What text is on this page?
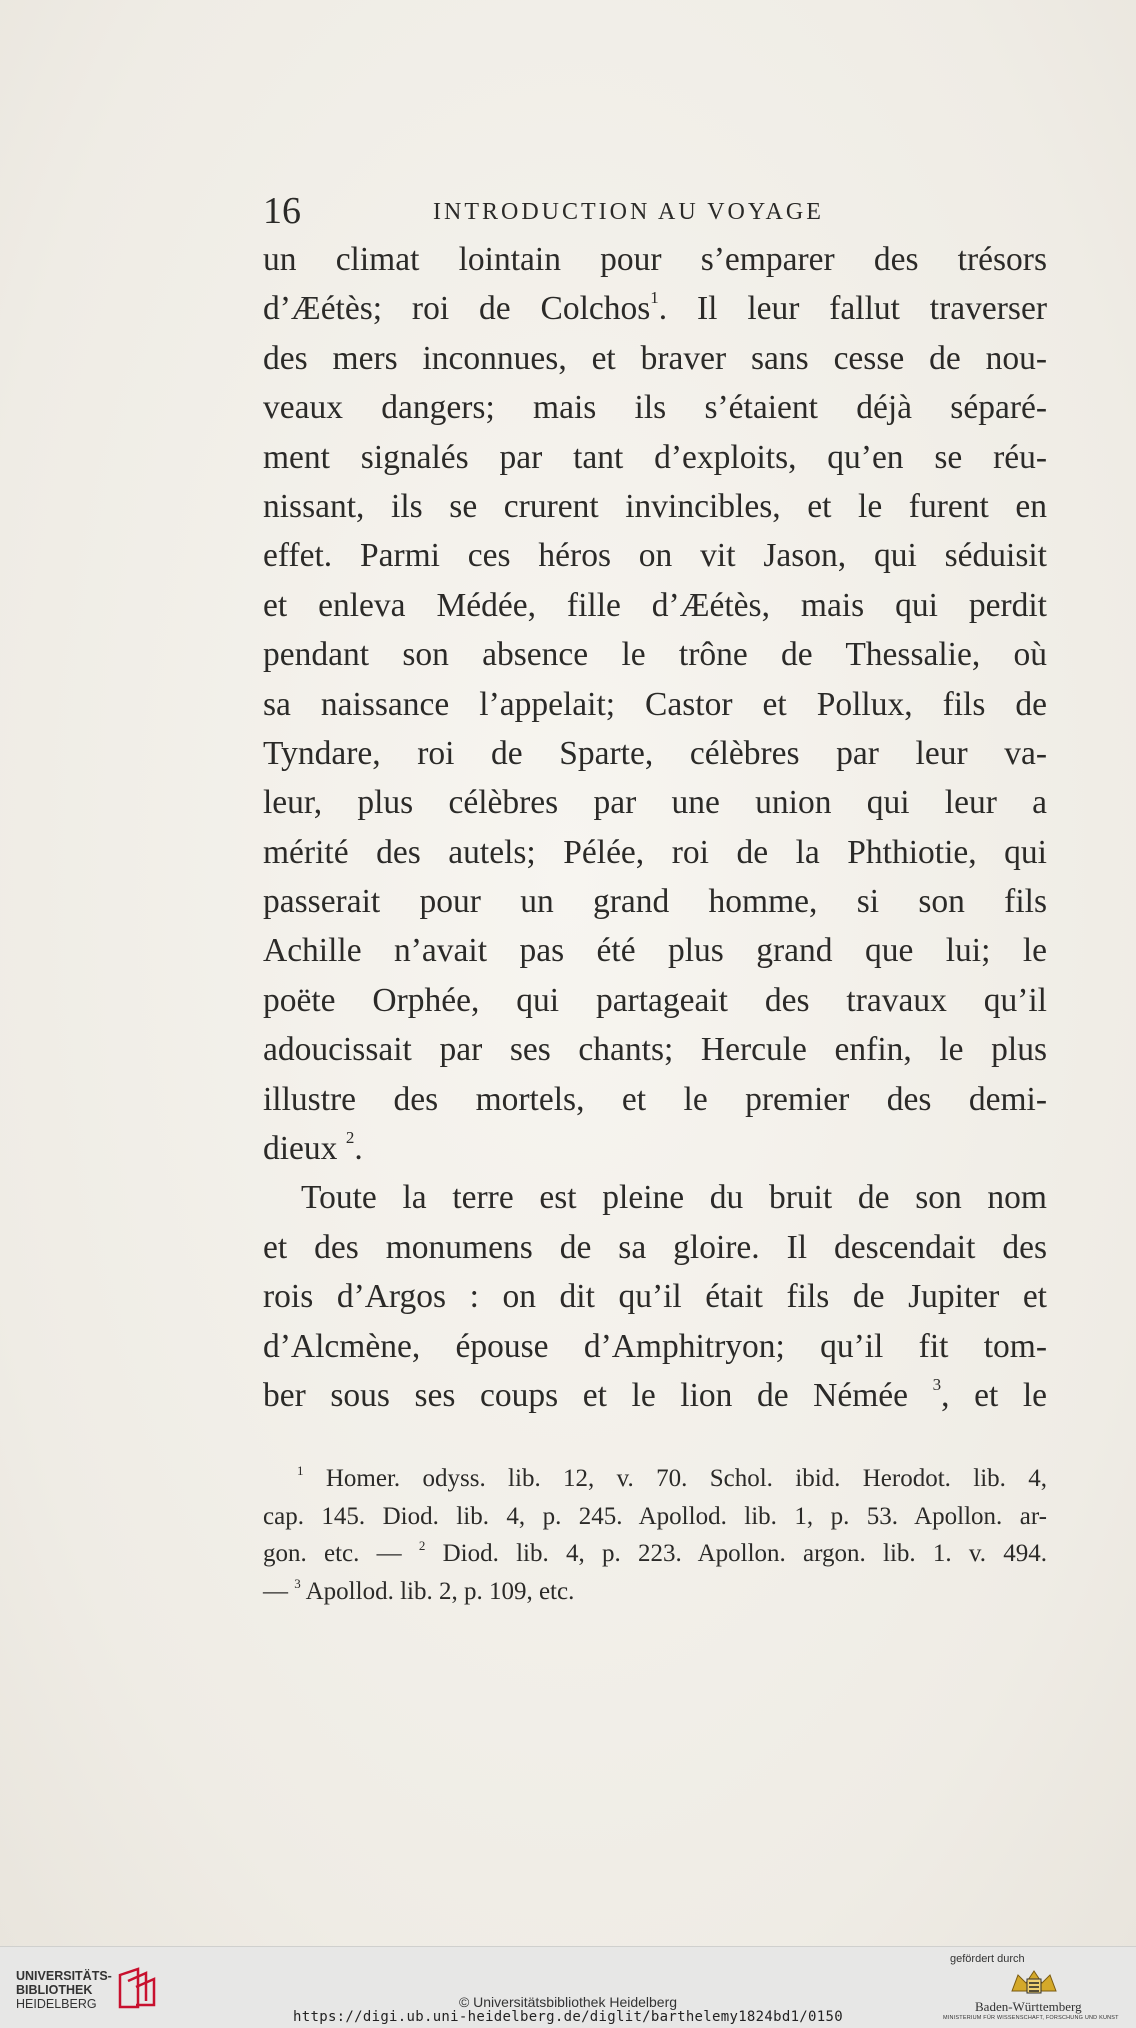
16	INTRODUCTION AU VOYAGE
un climat lointain pour s’emparer des trésors
d’Æétès; roi de Colchos$^1$. Il leur fallut traverser
des mers inconnues, et braver sans cesse de nou-
veaux dangers; mais ils s’étaient déjà séparé-
ment signalés par tant d’exploits, qu’en se réu-
nissant, ils se crurent invincibles, et le furent en
effet. Parmi ces héros on vit Jason, qui séduisit
et enleva Médée, fille d’Æétès, mais qui perdit
pendant son absence le trône de Thessalie, où
sa naissance l’appelait; Castor et Pollux, fils de
Tyndare, roi de Sparte, célèbres par leur va-
leur, plus célèbres par une union qui leur a
mérité des autels; Pélée, roi de la Phthiotie, qui
passerait pour un grand homme, si son fils
Achille n’avait pas été plus grand que lui; le
poëte Orphée, qui partageait des travaux qu’il
adoucissait par ses chants; Hercule enfin, le plus
illustre des mortels, et le premier des demi-
dieux $^2$.
Toute la terre est pleine du bruit de son nom
et des monumens de sa gloire. Il descendait des
rois d’Argos : on dit qu’il était fils de Jupiter et
d’Alcmène, épouse d’Amphitryon; qu’il fit tom-
ber sous ses coups et le lion de Némée $^3$, et le
$^1$ Homer. odyss. lib. 12, v. 70. Schol. ibid. Herodot. lib. 4,
cap. 145. Diod. lib. 4, p. 245. Apollod. lib. 1, p. 53. Apollon. ar-
gon. etc. — $^2$ Diod. lib. 4, p. 223. Apollon. argon. lib. 1. v. 494.
— $^3$ Apollod. lib. 2, p. 109, etc.
UNIVERSITÄTS-
BIBLIOTHEK
HEIDELBERG	© Universitätsbibliothek Heidelberg
https://digi.ub.uni-heidelberg.de/diglit/barthelemy1824bd1/0150
gefördert durch
Baden-Württemberg
MINISTERIUM FÜR WISSENSCHAFT, FORSCHUNG UND KUNST
